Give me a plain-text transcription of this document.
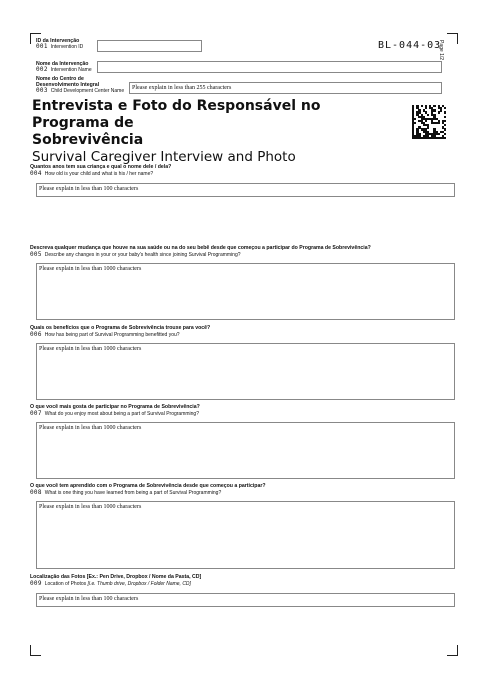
BL-044-03
Page 1/2
ID da Intervenção
001 Intervention ID
Nome da Intervenção
002 Intervention Name
Nome do Centro de Desenvolvimento Integral
003 Child Development Center Name	Please explain in less than 255 characters
Entrevista e Foto do Responsável no Programa de
Sobrevivência
Survival Caregiver Interview and Photo
Quantos anos tem sua criança e qual o nome dele / dela?
004 How old is your child and what is his / her name?
Please explain in less than 100 characters
Descreva qualquer mudança que houve na sua saúde ou na do seu bebê desde que começou a participar do Programa de Sobrevivência?
005 Describe any changes in your or your baby's health since joining Survival Programming?
Please explain in less than 1000 characters
Quais os benefícios que o Programa de Sobrevivência trouxe para você?
006 How has being part of Survival Programming benefitted you?
Please explain in less than 1000 characters
O que você mais gosta de participar no Programa de Sobrevivência?
007 What do you enjoy most about being a part of Survival Programming?
Please explain in less than 1000 characters
O que você tem aprendido com o Programa de Sobrevivência desde que começou a participar?
008 What is one thing you have learned from being a part of Survival Programming?
Please explain in less than 1000 characters
Localização das Fotos [Ex.: Pen Drive, Dropbox / Nome da Pasta, CD]
009 Location of Photos [i.e. Thumb drive, Dropbox / Folder Name, CD]
Please explain in less than 100 characters
